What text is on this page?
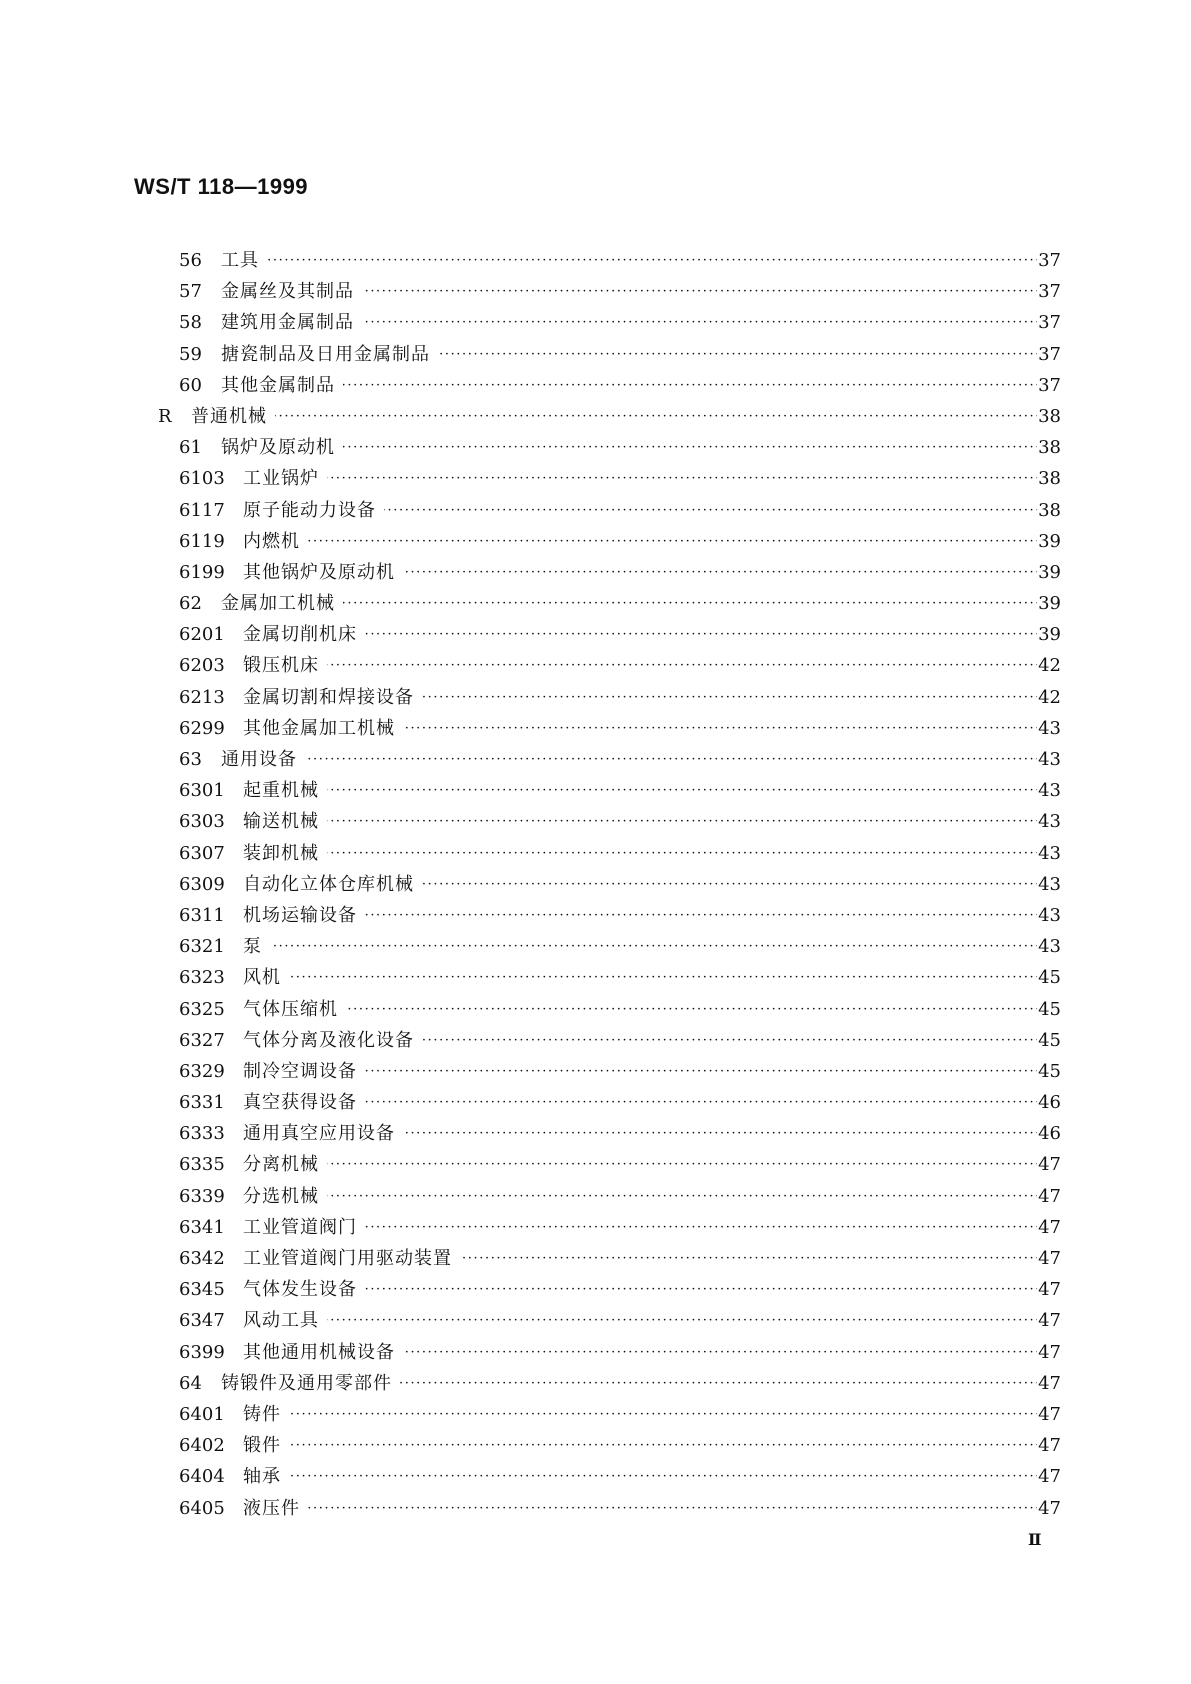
WS/T 118—1999
56 ····· 工具	37
57 ····· 金属丝及其制品	37
58 ····· 建筑用金属制品	37
59 ····· 搪瓷制品及日用金属制品	37
60 ····· 其他金属制品	37
R ····· 普通机械	38
61 ····· 锅炉及原动机	38
6103 ····· 工业锅炉	38
6117 ····· 原子能动力设备	38
6119 ····· 内燃机	39
6199 ····· 其他锅炉及原动机	39
62 ····· 金属加工机械	39
6201 ····· 金属切削机床	39
6203 ····· 锻压机床	42
6213 ····· 金属切割和焊接设备	42
6299 ····· 其他金属加工机械	43
63 ····· 通用设备	43
6301 ····· 起重机械	43
6303 ····· 输送机械	43
6307 ····· 装卸机械	43
6309 ····· 自动化立体仓库机械	43
6311 ····· 机场运输设备	43
6321 ····· 泵	43
6323 ····· 风机	45
6325 ····· 气体压缩机	45
6327 ····· 气体分离及液化设备	45
6329 ····· 制冷空调设备	45
6331 ····· 真空获得设备	46
6333 ····· 通用真空应用设备	46
6335 ····· 分离机械	47
6339 ····· 分选机械	47
6341 ····· 工业管道阀门	47
6342 ····· 工业管道阀门用驱动装置	47
6345 ····· 气体发生设备	47
6347 ····· 风动工具	47
6399 ····· 其他通用机械设备	47
64 ····· 铸锻件及通用零部件	47
6401 ····· 铸件	47
6402 ····· 锻件	47
6404 ····· 轴承	47
6405 ····· 液压件	47
Ⅱ
